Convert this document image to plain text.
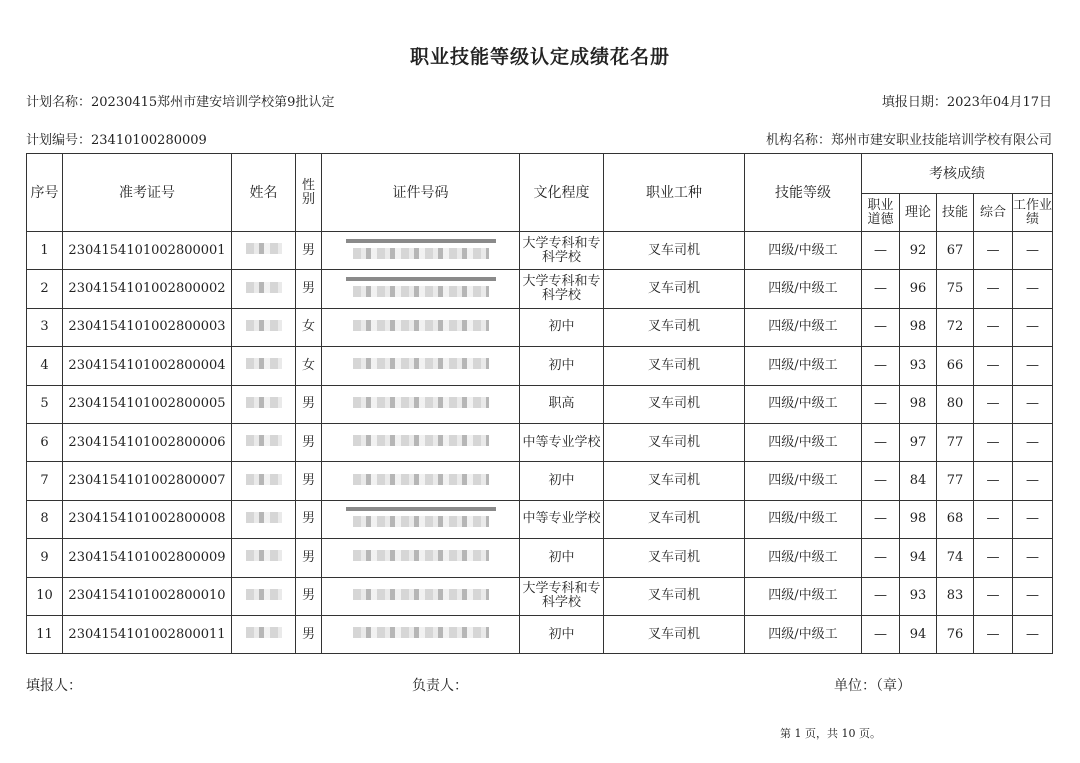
职业技能等级认定成绩花名册
计划名称：20230415郑州市建安培训学校第9批认定	填报日期：2023年04月17日
计划编号：23410100280009	机构名称：郑州市建安职业技能培训学校有限公司
序号	准考证号	姓名	性别	证件号码	文化程度	职业工种	技能等级	考核成绩				
								职业道德	理论	技能	综合	工作业绩
1	2304154101002800001		男		大学专科和专科学校	叉车司机	四级/中级工	—	92	67	—	—
2	2304154101002800002		男		大学专科和专科学校	叉车司机	四级/中级工	—	96	75	—	—
3	2304154101002800003		女		初中	叉车司机	四级/中级工	—	98	72	—	—
4	2304154101002800004		女		初中	叉车司机	四级/中级工	—	93	66	—	—
5	2304154101002800005		男		职高	叉车司机	四级/中级工	—	98	80	—	—
6	2304154101002800006		男		中等专业学校	叉车司机	四级/中级工	—	97	77	—	—
7	2304154101002800007		男		初中	叉车司机	四级/中级工	—	84	77	—	—
8	2304154101002800008		男		中等专业学校	叉车司机	四级/中级工	—	98	68	—	—
9	2304154101002800009		男		初中	叉车司机	四级/中级工	—	94	74	—	—
10	2304154101002800010		男		大学专科和专科学校	叉车司机	四级/中级工	—	93	83	—	—
11	2304154101002800011		男		初中	叉车司机	四级/中级工	—	94	76	—	—
填报人：	负责人：	单位：（章）
第 1 页，共 10 页。
